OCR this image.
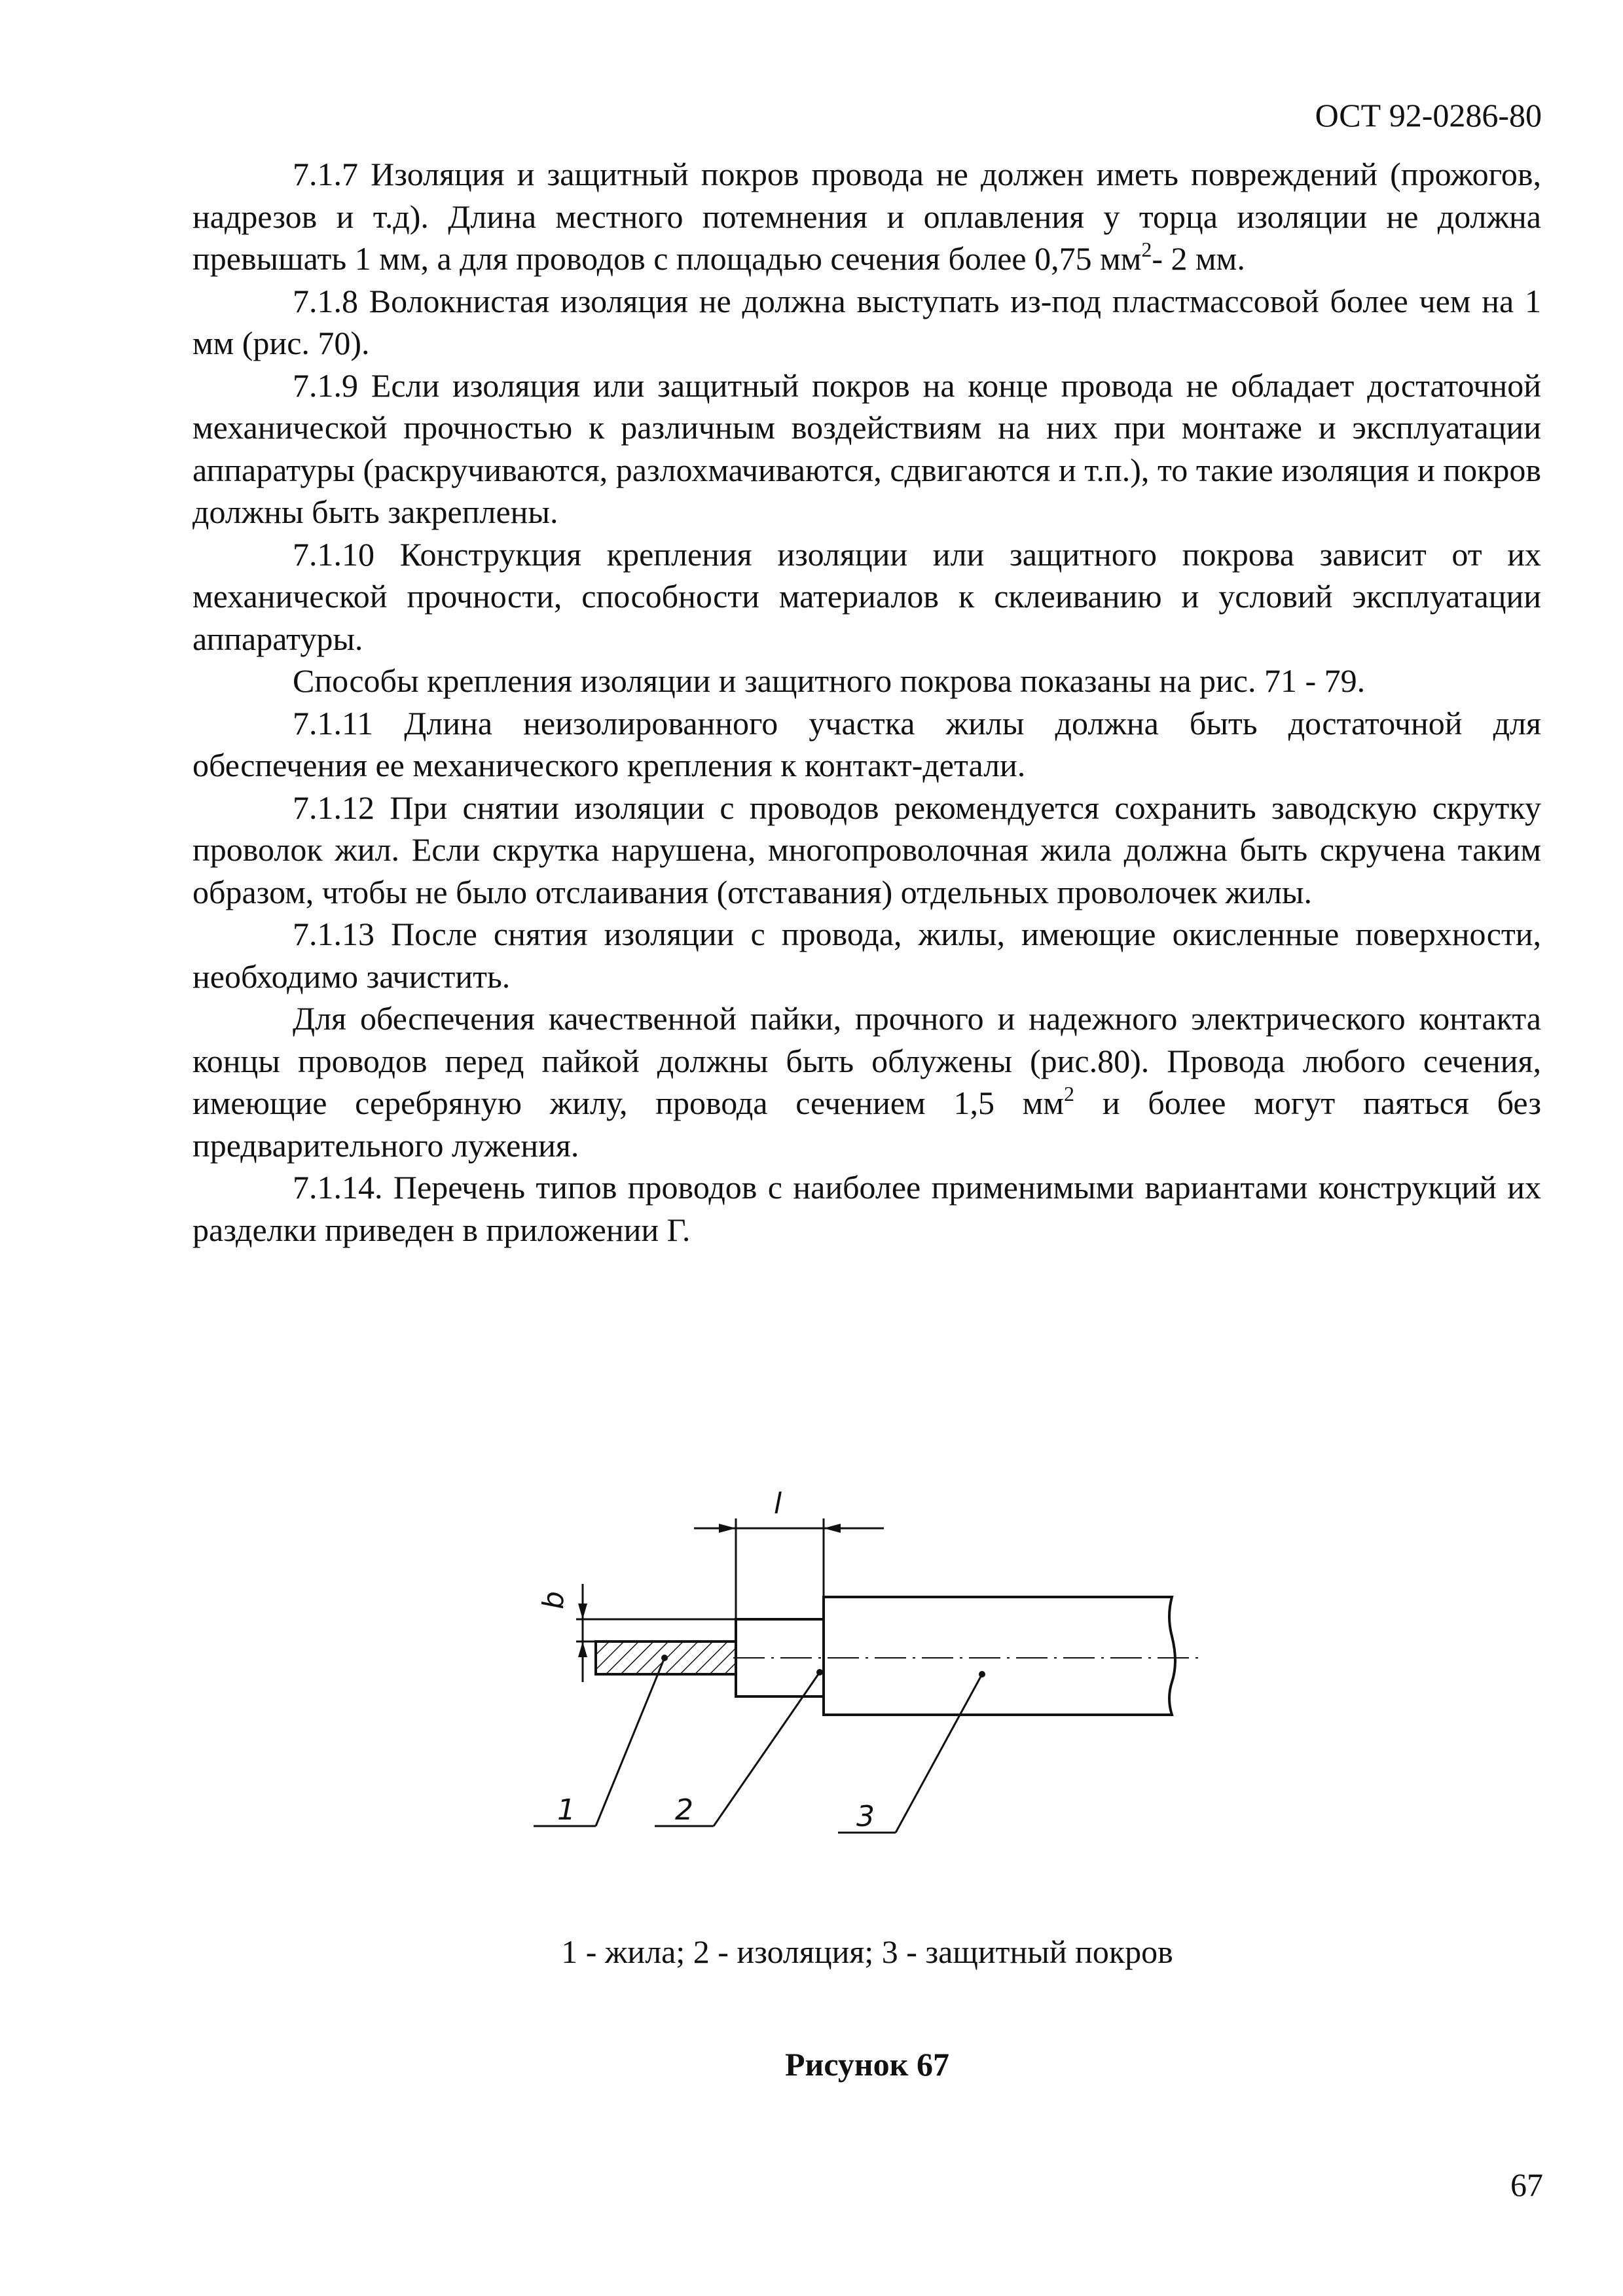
ОСТ 92-0286-80

7.1.7 Изоляция и защитный покров провода не должен иметь повреждений (прожогов, надрезов и т.д). Длина местного потемнения и оплавления у торца изоляции не должна превышать 1 мм, а для проводов с площадью сечения более 0,75 $мм^2-$ 2 мм.

7.1.8 Волокнистая изоляция не должна выступать из-под пластмассовой более чем на 1 мм (рис. 70).

7.1.9 Если изоляция или защитный покров на конце провода не обладает достаточной механической прочностью к различным воздействиям на них при монтаже и эксплуатации аппаратуры (раскручиваются, разлохмачиваются, сдвигаются и т.п.), то такие изоляция и покров должны быть закреплены.

7.1.10 Конструкция крепления изоляции или защитного покрова зависит от их механической прочности, способности материалов к склеиванию и условий эксплуатации аппаратуры.

Способы крепления изоляции и защитного покрова показаны на рис. 71 - 79.

7.1.11 Длина неизолированного участка жилы должна быть достаточной для обеспечения ее механического крепления к контакт-детали.

7.1.12 При снятии изоляции с проводов рекомендуется сохранить заводскую скрутку проволок жил. Если скрутка нарушена, многопроволочная жила должна быть скручена таким образом, чтобы не было отслаивания (отставания) отдельных проволочек жилы.

7.1.13 После снятия изоляции с провода, жилы, имеющие окисленные поверхности, необходимо зачистить.

Для обеспечения качественной пайки, прочного и надежного электрического контакта концы проводов перед пайкой должны быть облужены (рис.80). Провода любого сечения, имеющие серебряную жилу, провода сечением 1,5 $мм^2$ и более могут паяться без предварительного лужения.

7.1.14. Перечень типов проводов с наиболее применимыми вариантами конструкций их разделки приведен в приложении Г.

l
b
1	2	3
1 - жила; 2 - изоляция; 3 - защитный покров
Рисунок 67
67
